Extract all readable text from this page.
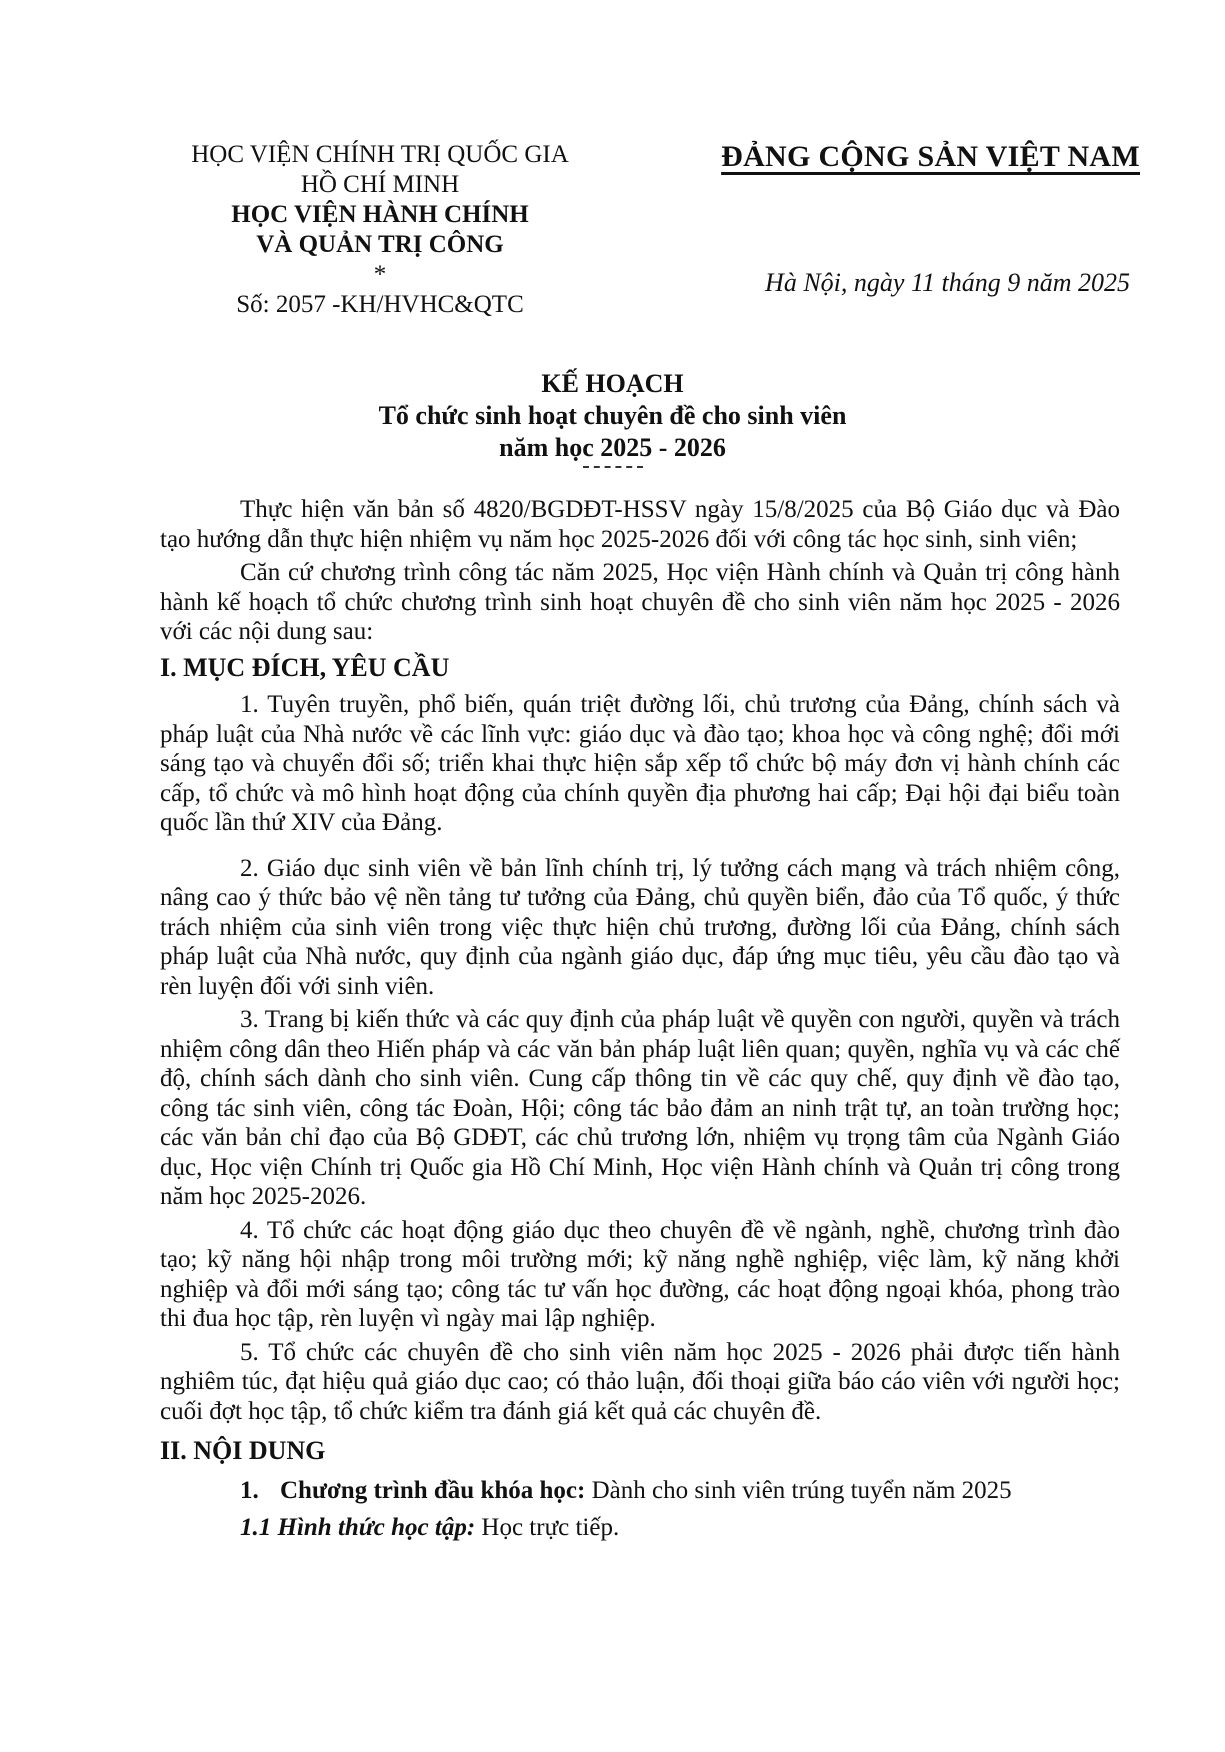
HỌC VIỆN CHÍNH TRỊ QUỐC GIA
HỒ CHÍ MINH
HỌC VIỆN HÀNH CHÍNH
VÀ QUẢN TRỊ CÔNG
*
Số: 2057 -KH/HVHC&QTC
ĐẢNG CỘNG SẢN VIỆT NAM
Hà Nội, ngày 11 tháng 9 năm 2025
KẾ HOẠCH
Tổ chức sinh hoạt chuyên đề cho sinh viên
năm học 2025 - 2026

Thực hiện văn bản số 4820/BGDĐT-HSSV ngày 15/8/2025 của Bộ Giáo dục và Đào tạo hướng dẫn thực hiện nhiệm vụ năm học 2025-2026 đối với công tác học sinh, sinh viên;

Căn cứ chương trình công tác năm 2025, Học viện Hành chính và Quản trị công hành hành kế hoạch tổ chức chương trình sinh hoạt chuyên đề cho sinh viên năm học 2025 - 2026 với các nội dung sau:

I. MỤC ĐÍCH, YÊU CẦU

1. Tuyên truyền, phổ biến, quán triệt đường lối, chủ trương của Đảng, chính sách và pháp luật của Nhà nước về các lĩnh vực: giáo dục và đào tạo; khoa học và công nghệ; đổi mới sáng tạo và chuyển đổi số; triển khai thực hiện sắp xếp tổ chức bộ máy đơn vị hành chính các cấp, tổ chức và mô hình hoạt động của chính quyền địa phương hai cấp; Đại hội đại biểu toàn quốc lần thứ XIV của Đảng.

2. Giáo dục sinh viên về bản lĩnh chính trị, lý tưởng cách mạng và trách nhiệm công, nâng cao ý thức bảo vệ nền tảng tư tưởng của Đảng, chủ quyền biển, đảo của Tổ quốc, ý thức trách nhiệm của sinh viên trong việc thực hiện chủ trương, đường lối của Đảng, chính sách pháp luật của Nhà nước, quy định của ngành giáo dục, đáp ứng mục tiêu, yêu cầu đào tạo và rèn luyện đối với sinh viên.

3. Trang bị kiến thức và các quy định của pháp luật về quyền con người, quyền và trách nhiệm công dân theo Hiến pháp và các văn bản pháp luật liên quan; quyền, nghĩa vụ và các chế độ, chính sách dành cho sinh viên. Cung cấp thông tin về các quy chế, quy định về đào tạo, công tác sinh viên, công tác Đoàn, Hội; công tác bảo đảm an ninh trật tự, an toàn trường học; các văn bản chỉ đạo của Bộ GDĐT, các chủ trương lớn, nhiệm vụ trọng tâm của Ngành Giáo dục, Học viện Chính trị Quốc gia Hồ Chí Minh, Học viện Hành chính và Quản trị công trong năm học 2025-2026.

4. Tổ chức các hoạt động giáo dục theo chuyên đề về ngành, nghề, chương trình đào tạo; kỹ năng hội nhập trong môi trường mới; kỹ năng nghề nghiệp, việc làm, kỹ năng khởi nghiệp và đổi mới sáng tạo; công tác tư vấn học đường, các hoạt động ngoại khóa, phong trào thi đua học tập, rèn luyện vì ngày mai lập nghiệp.

5. Tổ chức các chuyên đề cho sinh viên năm học 2025 - 2026 phải được tiến hành nghiêm túc, đạt hiệu quả giáo dục cao; có thảo luận, đối thoại giữa báo cáo viên với người học; cuối đợt học tập, tổ chức kiểm tra đánh giá kết quả các chuyên đề.

II. NỘI DUNG
1. Chương trình đầu khóa học: Dành cho sinh viên trúng tuyển năm 2025
1.1 Hình thức học tập: Học trực tiếp.
